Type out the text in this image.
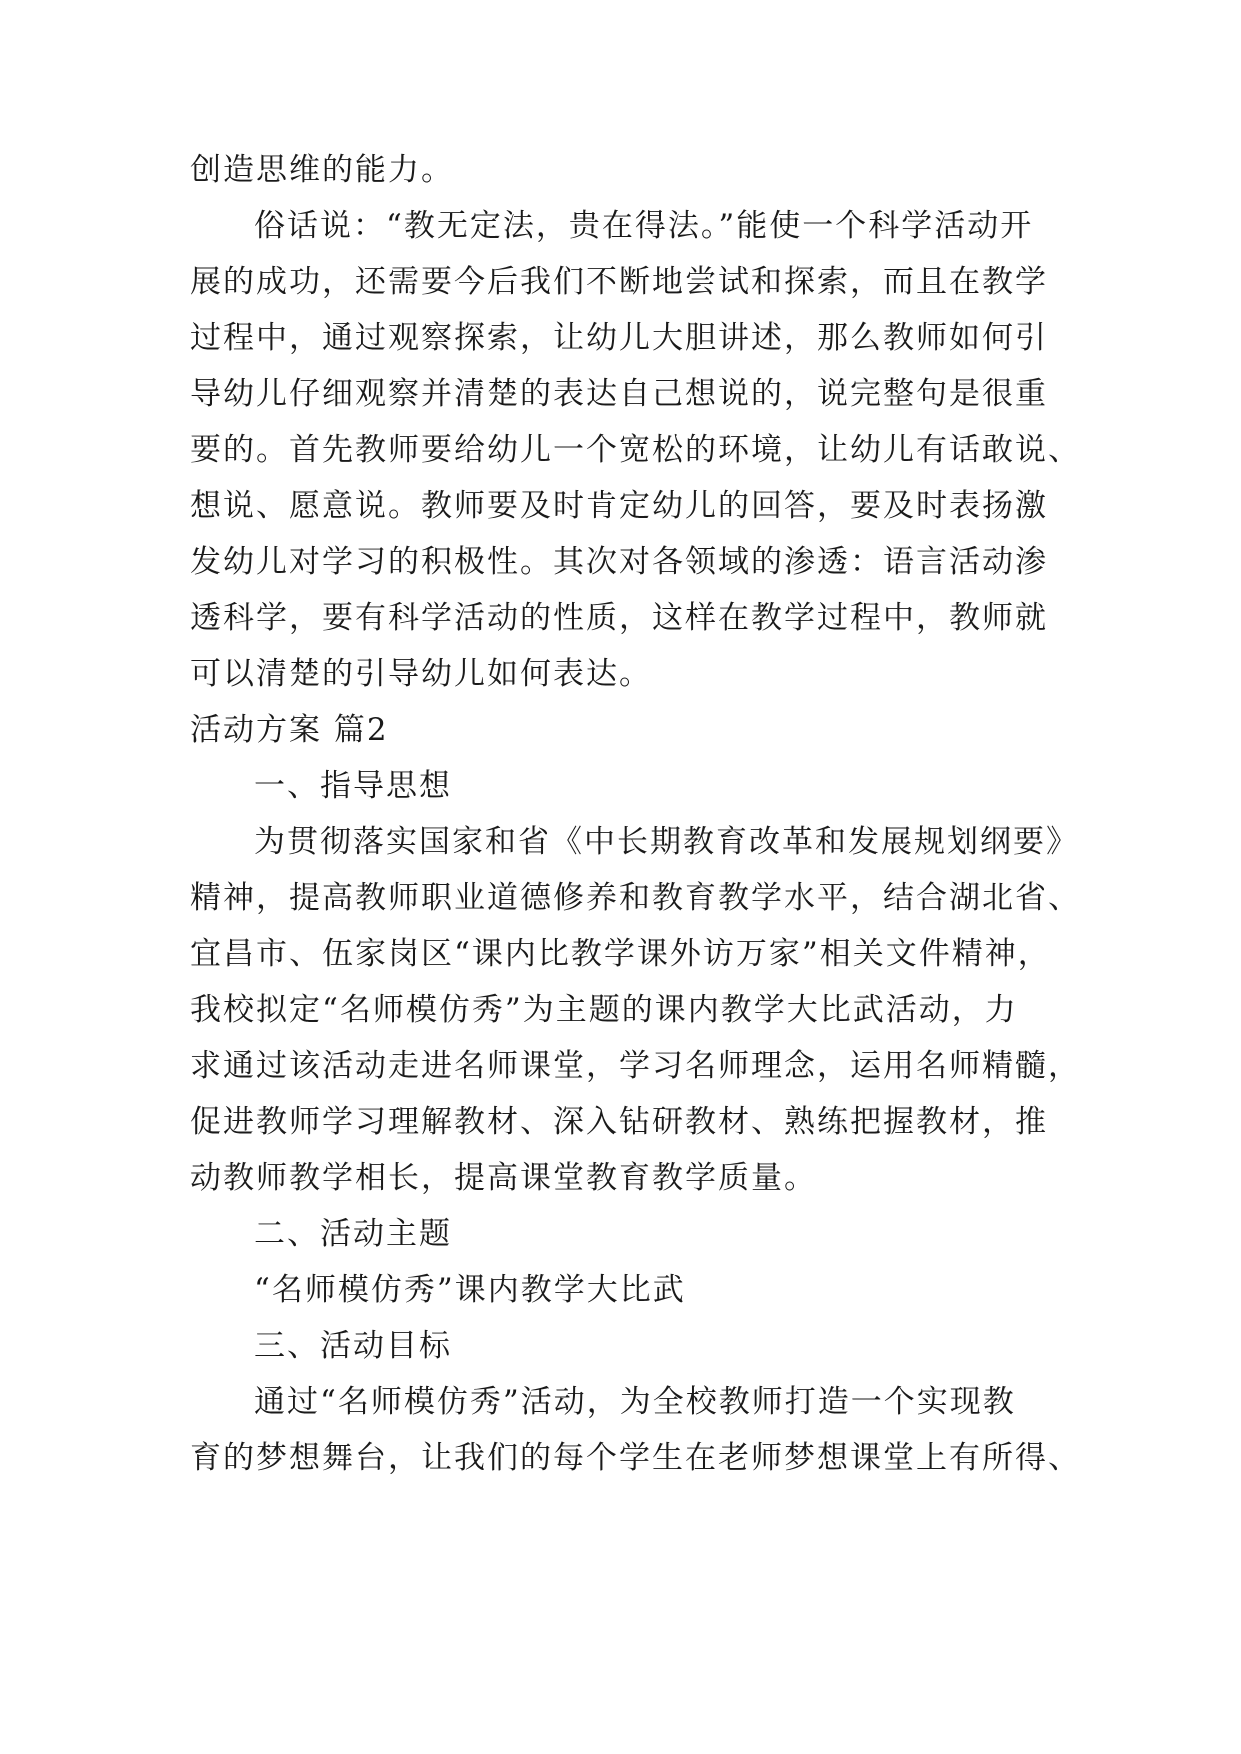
创造思维的能力。
俗话说：“教无定法，贵在得法。”能使一个科学活动开
展的成功，还需要今后我们不断地尝试和探索，而且在教学
过程中，通过观察探索，让幼儿大胆讲述，那么教师如何引
导幼儿仔细观察并清楚的表达自己想说的，说完整句是很重
要的。首先教师要给幼儿一个宽松的环境，让幼儿有话敢说、
想说、愿意说。教师要及时肯定幼儿的回答，要及时表扬激
发幼儿对学习的积极性。其次对各领域的渗透：语言活动渗
透科学，要有科学活动的性质，这样在教学过程中，教师就
可以清楚的引导幼儿如何表达。
活动方案 篇2
一、指导思想
为贯彻落实国家和省《中长期教育改革和发展规划纲要》
精神，提高教师职业道德修养和教育教学水平，结合湖北省、
宜昌市、伍家岗区“课内比教学课外访万家”相关文件精神，
我校拟定“名师模仿秀”为主题的课内教学大比武活动，力
求通过该活动走进名师课堂，学习名师理念，运用名师精髓，
促进教师学习理解教材、深入钻研教材、熟练把握教材，推
动教师教学相长，提高课堂教育教学质量。
二、活动主题
“名师模仿秀”课内教学大比武
三、活动目标
通过“名师模仿秀”活动，为全校教师打造一个实现教
育的梦想舞台，让我们的每个学生在老师梦想课堂上有所得、
